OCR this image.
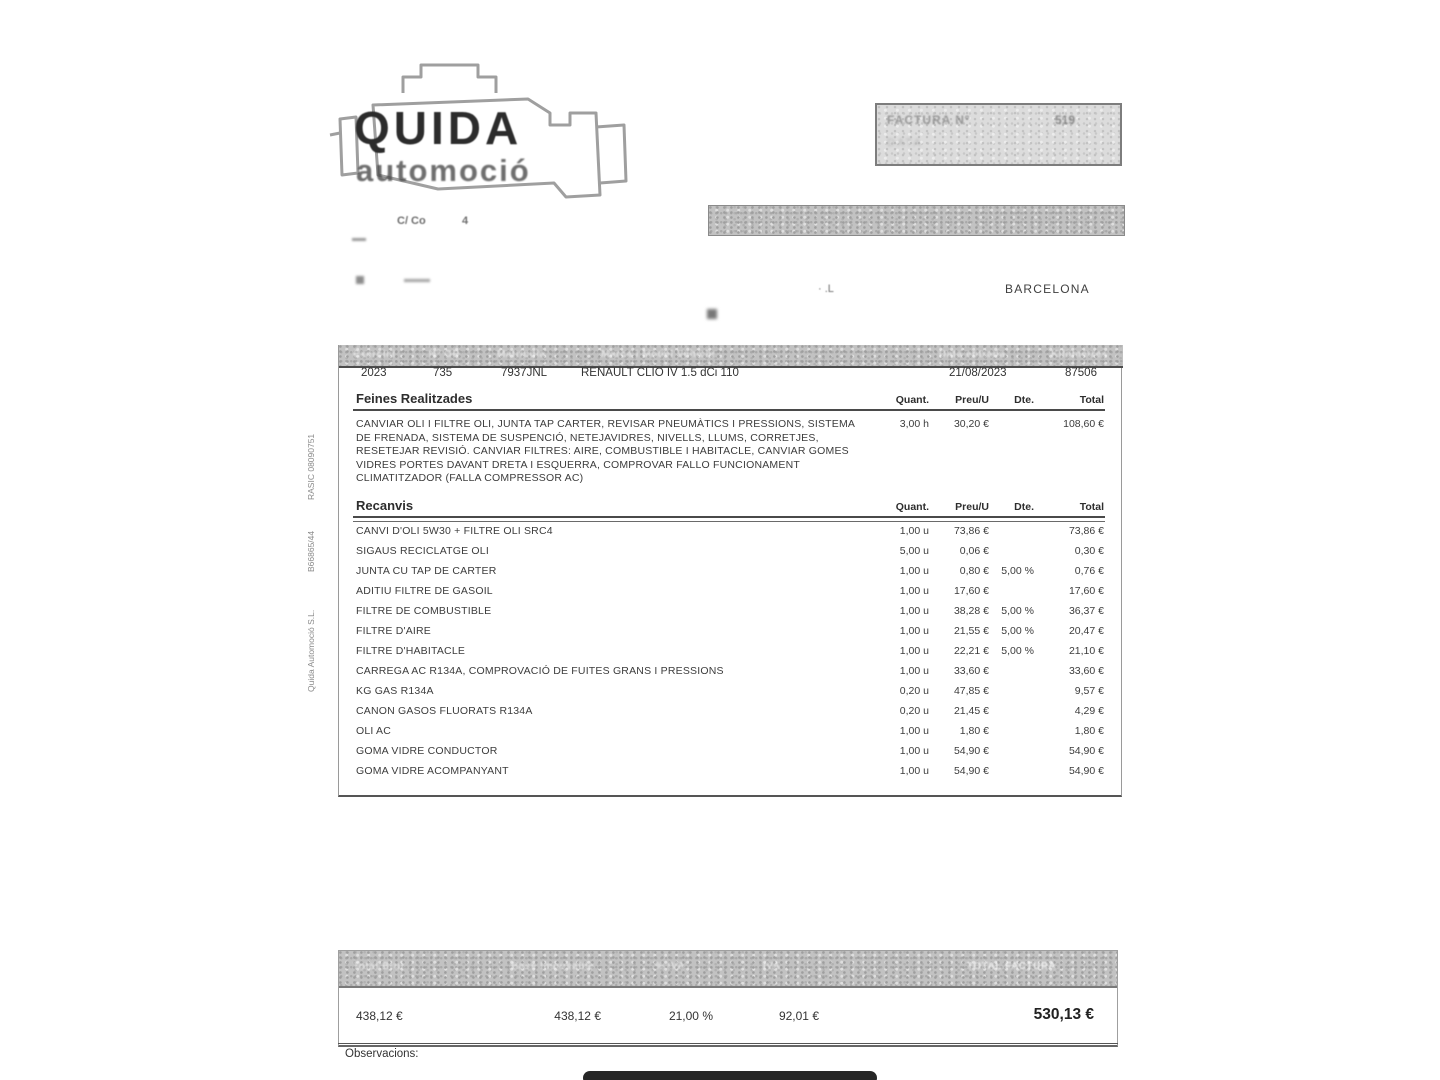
QUIDA
automoció
C/ Co	4
FACTURA Nº	519
DATA
· .L	BARCELONA
Exercici	Nº OR	Matrícula	Marca i Model Vehicle	Data entrada	Kilòmetres
2023	735	7937JNL	RENAULT CLIO IV 1.5 dCi 110	21/08/2023	87506
Feines Realitzades	Quant.	Preu/U	Dte.	Total
CANVIAR OLI I FILTRE OLI, JUNTA TAP CARTER, REVISAR PNEUMÀTICS I PRESSIONS, SISTEMA
DE FRENADA, SISTEMA DE SUSPENCIÓ, NETEJAVIDRES, NIVELLS, LLUMS, CORRETJES,
RESETEJAR REVISIÓ. CANVIAR FILTRES: AIRE, COMBUSTIBLE I HABITACLE, CANVIAR GOMES
VIDRES PORTES DAVANT DRETA I ESQUERRA, COMPROVAR FALLO FUNCIONAMENT
CLIMATITZADOR (FALLA COMPRESSOR AC)
3,00 h	30,20 €	108,60 €
Recanvis	Quant.	Preu/U	Dte.	Total
CANVI D'OLI 5W30 + FILTRE OLI SRC4	1,00 u	73,86 €	73,86 €
SIGAUS RECICLATGE OLI	5,00 u	0,06 €	0,30 €
JUNTA CU TAP DE CARTER	1,00 u	0,80 €	5,00 %	0,76 €
ADITIU FILTRE DE GASOIL	1,00 u	17,60 €	17,60 €
FILTRE DE COMBUSTIBLE	1,00 u	38,28 €	5,00 %	36,37 €
FILTRE D'AIRE	1,00 u	21,55 €	5,00 %	20,47 €
FILTRE D'HABITACLE	1,00 u	22,21 €	5,00 %	21,10 €
CARREGA AC R134A, COMPROVACIÓ DE FUITES GRANS I PRESSIONS	1,00 u	33,60 €	33,60 €
KG GAS R134A	0,20 u	47,85 €	9,57 €
CANON GASOS FLUORATS R134A	0,20 u	21,45 €	4,29 €
OLI AC	1,00 u	1,80 €	1,80 €
GOMA VIDRE CONDUCTOR	1,00 u	54,90 €	54,90 €
GOMA VIDRE ACOMPANYANT	1,00 u	54,90 €	54,90 €
RASIC 08090751
B66865/44
Quida Automoció S.L.
Total Brut	Base Imposable	% IVA	IVA	TOTAL FACTURA
438,12 €	438,12 €	21,00 %	92,01 €	530,13 €
Observacions:
